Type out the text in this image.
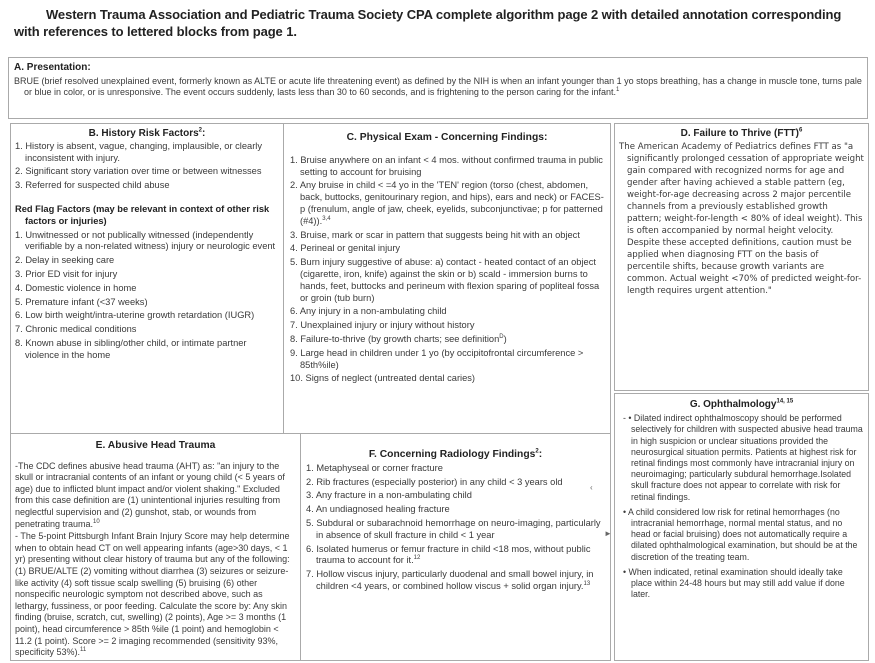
Western Trauma Association and Pediatric Trauma Society CPA complete algorithm page 2 with detailed annotation corresponding with references to lettered blocks from page 1.
A. Presentation:
BRUE (brief resolved unexplained event, formerly known as ALTE or acute life threatening event) as defined by the NIH is when an infant younger than 1 yo stops breathing, has a change in muscle tone, turns pale or blue in color, or is unresponsive. The event occurs suddenly, lasts less than 30 to 60 seconds, and is frightening to the person caring for the infant.$^1$
B. History Risk Factors$^2$:
1. History is absent, vague, changing, implausible, or clearly inconsistent with injury.
2. Significant story variation over time or between witnesses
3. Referred for suspected child abuse
Red Flag Factors (may be relevant in context of other risk factors or injuries)
1. Unwitnessed or not publically witnessed (independently verifiable by a non-related witness) injury or neurologic event
2. Delay in seeking care
3. Prior ED visit for injury
4. Domestic violence in home
5. Premature infant (<37 weeks)
6. Low birth weight/intra-uterine growth retardation (IUGR)
7. Chronic medical conditions
8. Known abuse in sibling/other child, or intimate partner violence in the home
C. Physical Exam - Concerning Findings:
1. Bruise anywhere on an infant < 4 mos. without confirmed trauma in public setting to account for bruising
2. Any bruise in child < =4 yo in the 'TEN' region (torso (chest, abdomen, back, buttocks, genitourinary region, and hips), ears and neck) or FACES-p (frenulum, angle of jaw, cheek, eyelids, subconjunctivae; p for patterned (#4)).$^{3,4}$
3. Bruise, mark or scar in pattern that suggests being hit with an object
4. Perineal or genital injury
5. Burn injury suggestive of abuse: a) contact - heated contact of an object (cigarette, iron, knife) against the skin or b) scald - immersion burns to hands, feet, buttocks and perineum with flexion sparing of popliteal fossa or groin (tub burn)
6. Any injury in a non-ambulating child
7. Unexplained injury or injury without history
8. Failure-to-thrive (by growth charts; see definition$^D$)
9. Large head in children under 1 yo (by occipitofrontal circumference > 85th%ile)
10. Signs of neglect (untreated dental caries)
D. Failure to Thrive (FTT)$^6$
The American Academy of Pediatrics defines FTT as "a significantly prolonged cessation of appropriate weight gain compared with recognized norms for age and gender after having achieved a stable pattern (eg, weight-for-age decreasing across 2 major percentile channels from a previously established growth pattern; weight-for-length < 80% of ideal weight). This is often accompanied by normal height velocity. Despite these accepted definitions, caution must be applied when diagnosing FTT on the basis of percentile shifts, because growth variants are common. Actual weight <70% of predicted weight-for-length requires urgent attention."
G. Ophthalmology$^{14, 15}$
- • Dilated indirect ophthalmoscopy should be performed selectively for children with suspected abusive head trauma in high suspicion or unclear situations provided the neurosurgical situation permits. Patients at highest risk for retinal findings most commonly have intracranial injury on neuroimaging; particularly subdural hemorrhage.Isolated skull fracture does not appear to correlate with risk for retinal findings.
• A child considered low risk for retinal hemorrhages (no intracranial hemorrhage, normal mental status, and no head or facial bruising) does not automatically require a dilated ophthalmological examination, but should be at the discretion of the treating team.
• When indicated, retinal examination should ideally take place within 24-48 hours but may still add value if done later.
E. Abusive Head Trauma

-The CDC defines abusive head trauma (AHT) as: "an injury to the skull or intracranial contents of an infant or young child (< 5 years of age) due to inflicted blunt impact and/or violent shaking." Excluded from this case definition are (1) unintentional injuries resulting from neglectful supervision and (2) gunshot, stab, or wounds from penetrating trauma.$^{10}$

- The 5-point Pittsburgh Infant Brain Injury Score may help determine when to obtain head CT on well appearing infants (age>30 days, < 1 yr) presenting without clear history of trauma but any of the following: (1) BRUE/ALTE (2) vomiting without diarrhea (3) seizures or seizure-like activity (4) soft tissue scalp swelling (5) bruising (6) other nonspecific neurologic symptom not described above, such as lethargy, fussiness, or poor feeding. Calculate the score by: Any skin finding (bruise, scratch, cut, swelling) (2 points), Age >= 3 months (1 point), head circumference > 85th %ile (1 point) and hemoglobin < 11.2 (1 point). Score >= 2 imaging recommended (sensitivity 93%, specificity 53%).$^{11}$

F. Concerning Radiology Findings$^2$:
1. Metaphyseal or corner fracture
2. Rib fractures (especially posterior) in any child < 3 years old
3. Any fracture in a non-ambulating child
4. An undiagnosed healing fracture
5. Subdural or subarachnoid hemorrhage on neuro-imaging, particularly in absence of skull fracture in child < 1 year
6. Isolated humerus or femur fracture in child <18 mos, without public trauma to account for it.$^{12}$
7. Hollow viscus injury, particularly duodenal and small bowel injury, in children <4 years, or combined hollow viscus + solid organ injury.$^{13}$
‹
►
